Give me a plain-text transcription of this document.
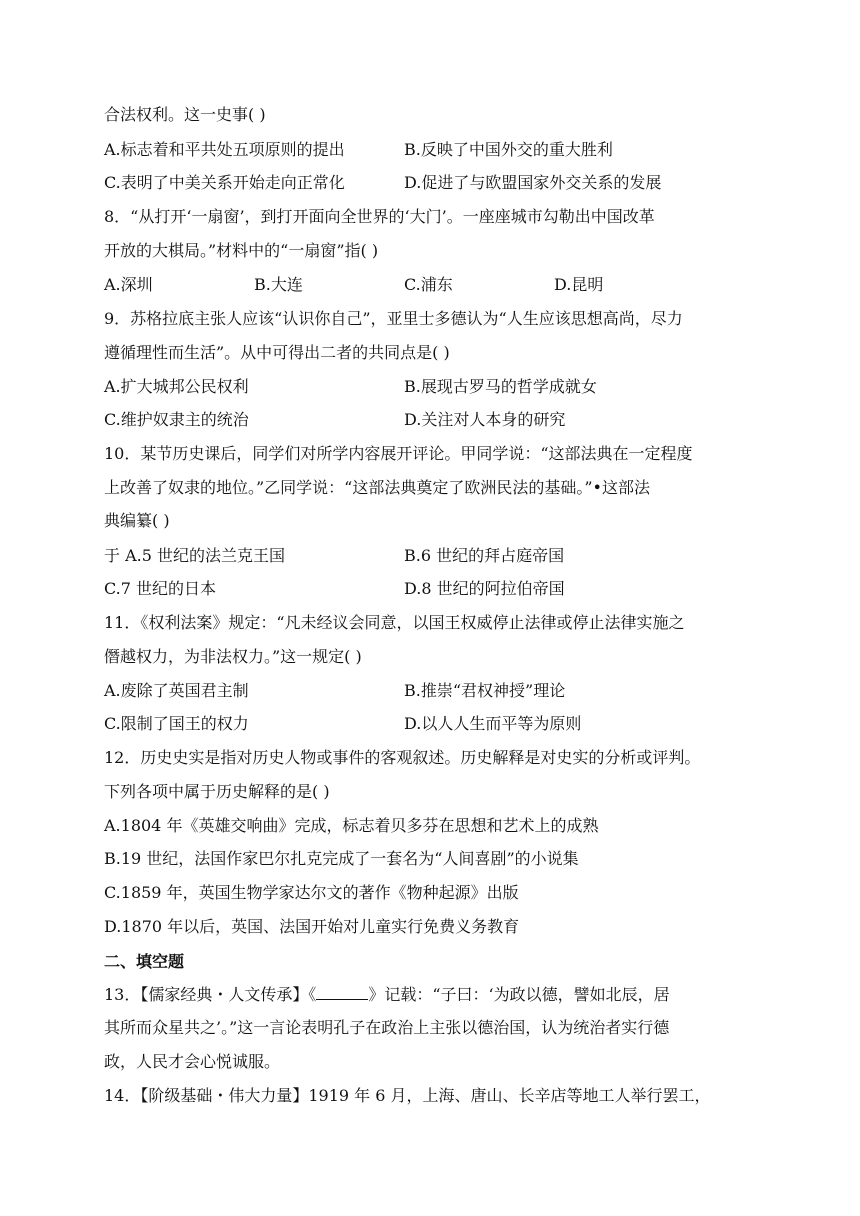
合法权利。这一史事( )
A.标志着和平共处五项原则的提出	B.反映了中国外交的重大胜利
C.表明了中美关系开始走向正常化	D.促进了与欧盟国家外交关系的发展
8．“从打开‘一扇窗’，到打开面向全世界的‘大门’。一座座城市勾勒出中国改革
开放的大棋局。”材料中的“一扇窗”指( )
A.深圳	B.大连	C.浦东	D.昆明
9．苏格拉底主张人应该“认识你自己”，亚里士多德认为“人生应该思想高尚，尽力
遵循理性而生活”。从中可得出二者的共同点是( )
A.扩大城邦公民权利	B.展现古罗马的哲学成就女
C.维护奴隶主的统治	D.关注对人本身的研究
10．某节历史课后，同学们对所学内容展开评论。甲同学说：“这部法典在一定程度
上改善了奴隶的地位。”乙同学说：“这部法典奠定了欧洲民法的基础。”•这部法
典编纂( )
于 A.5 世纪的法兰克王国	B.6 世纪的拜占庭帝国
C.7 世纪的日本	D.8 世纪的阿拉伯帝国
11．《权利法案》规定：“凡未经议会同意，以国王权威停止法律或停止法律实施之
僭越权力，为非法权力。”这一规定( )
A.废除了英国君主制	B.推崇“君权神授”理论
C.限制了国王的权力	D.以人人生而平等为原则
12．历史史实是指对历史人物或事件的客观叙述。历史解释是对史实的分析或评判。
下列各项中属于历史解释的是( )
A.1804 年《英雄交响曲》完成，标志着贝多芬在思想和艺术上的成熟
B.19 世纪，法国作家巴尔扎克完成了一套名为“人间喜剧”的小说集
C.1859 年，英国生物学家达尔文的著作《物种起源》出版
D.1870 年以后，英国、法国开始对儿童实行免费义务教育
二、填空题
13．【儒家经典・人文传承】《	》记载：“子曰：‘为政以德，譬如北辰，居
其所而众星共之’。”这一言论表明孔子在政治上主张以德治国，认为统治者实行德
政，人民才会心悦诚服。
14．【阶级基础・伟大力量】1919 年 6 月，上海、唐山、长辛店等地工人举行罢工，
